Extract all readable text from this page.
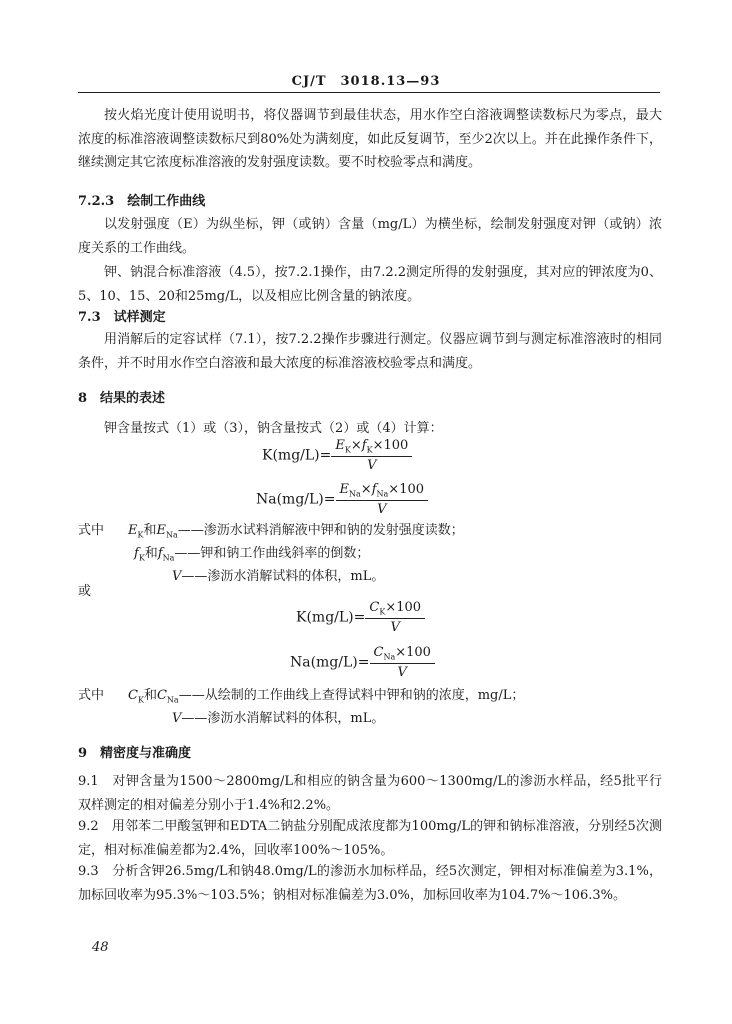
CJ/T　3018.13—93
按火焰光度计使用说明书，将仪器调节到最佳状态，用水作空白溶液调整读数标尺为零点，最大浓度的标准溶液调整读数标尺到80%处为满刻度，如此反复调节，至少2次以上。并在此操作条件下，继续测定其它浓度标准溶液的发射强度读数。要不时校验零点和满度。
7.2.3　绘制工作曲线
以发射强度（E）为纵坐标，钾（或钠）含量（mg/L）为横坐标，绘制发射强度对钾（或钠）浓度关系的工作曲线。
钾、钠混合标准溶液（4.5），按7.2.1操作，由7.2.2测定所得的发射强度，其对应的钾浓度为0、5、10、15、20和25mg/L，以及相应比例含量的钠浓度。
7.3　试样测定
用消解后的定容试样（7.1），按7.2.2操作步骤进行测定。仪器应调节到与测定标准溶液时的相同条件，并不时用水作空白溶液和最大浓度的标准溶液校验零点和满度。
8　结果的表述
钾含量按式（1）或（3），钠含量按式（2）或（4）计算：
$K(mg/L)= \frac{E_K\times f_K\times 100}{V}$
$Na(mg/L)= \frac{E_{Na}\times f_{Na}\times 100}{V}$
式中 $E_K$和$E_{Na}——$渗沥水试料消解液中钾和钠的发射强度读数；
$f_K$和$f_{Na}——$钾和钠工作曲线斜率的倒数；
V——渗沥水消解试料的体积，mL。
或
$K(mg/L)= \frac{C_K\times 100}{V}$
$Na(mg/L)= \frac{C_{Na}\times 100}{V}$
式中 $C_K$和$C_{Na}——$从绘制的工作曲线上查得试料中钾和钠的浓度，mg/L；
V——渗沥水消解试料的体积，mL。
9　精密度与准确度
9.1　对钾含量为1500～2800mg/L和相应的钠含量为600～1300mg/L的渗沥水样品，经5批平行双样测定的相对偏差分别小于1.4%和2.2%。
9.2　用邻苯二甲酸氢钾和EDTA二钠盐分别配成浓度都为100mg/L的钾和钠标准溶液，分别经5次测定，相对标准偏差都为2.4%，回收率100%～105%。
9.3　分析含钾26.5mg/L和钠48.0mg/L的渗沥水加标样品，经5次测定，钾相对标准偏差为3.1%，加标回收率为95.3%～103.5%；钠相对标准偏差为3.0%，加标回收率为104.7%～106.3%。
48
